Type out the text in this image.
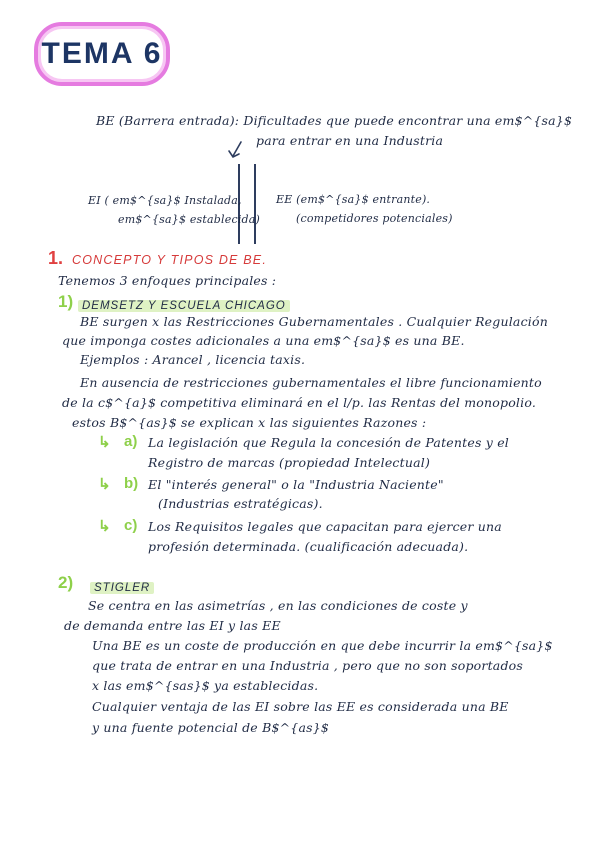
TEMA 6
BE (Barrera entrada): Dificultades que puede encontrar una em$^{sa}$
para entrar en una Industria
EI ( em$^{sa}$ Instalada,
em$^{sa}$ establecida)
EE (em$^{sa}$ entrante).
(competidores potenciales)
1. CONCEPTO Y TIPOS DE BE.
Tenemos 3 enfoques principales :
1) DEMSETZ Y ESCUELA CHICAGO
BE surgen x las Restricciones Gubernamentales . Cualquier Regulación
que imponga costes adicionales a una em$^{sa}$ es una BE.
Ejemplos : Arancel , licencia taxis.
En ausencia de restricciones gubernamentales el libre funcionamiento
de la c$^{a}$ competitiva eliminará en el l/p. las Rentas del monopolio.
estos B$^{as}$ se explican x las siguientes Razones :
↳ a) La legislación que Regula la concesión de Patentes y el
Registro de marcas (propiedad Intelectual)
↳ b) El "interés general" o la "Industria Naciente"
(Industrias estratégicas).
↳ c) Los Requisitos legales que capacitan para ejercer una
profesión determinada. (cualificación adecuada).
2)	STIGLER
Se centra en las asimetrías , en las condiciones de coste y
de demanda entre las EI y las EE
Una BE es un coste de producción en que debe incurrir la em$^{sa}$
que trata de entrar en una Industria , pero que no son soportados
x las em$^{sas}$ ya establecidas.
Cualquier ventaja de las EI sobre las EE es considerada una BE
y una fuente potencial de B$^{as}$
